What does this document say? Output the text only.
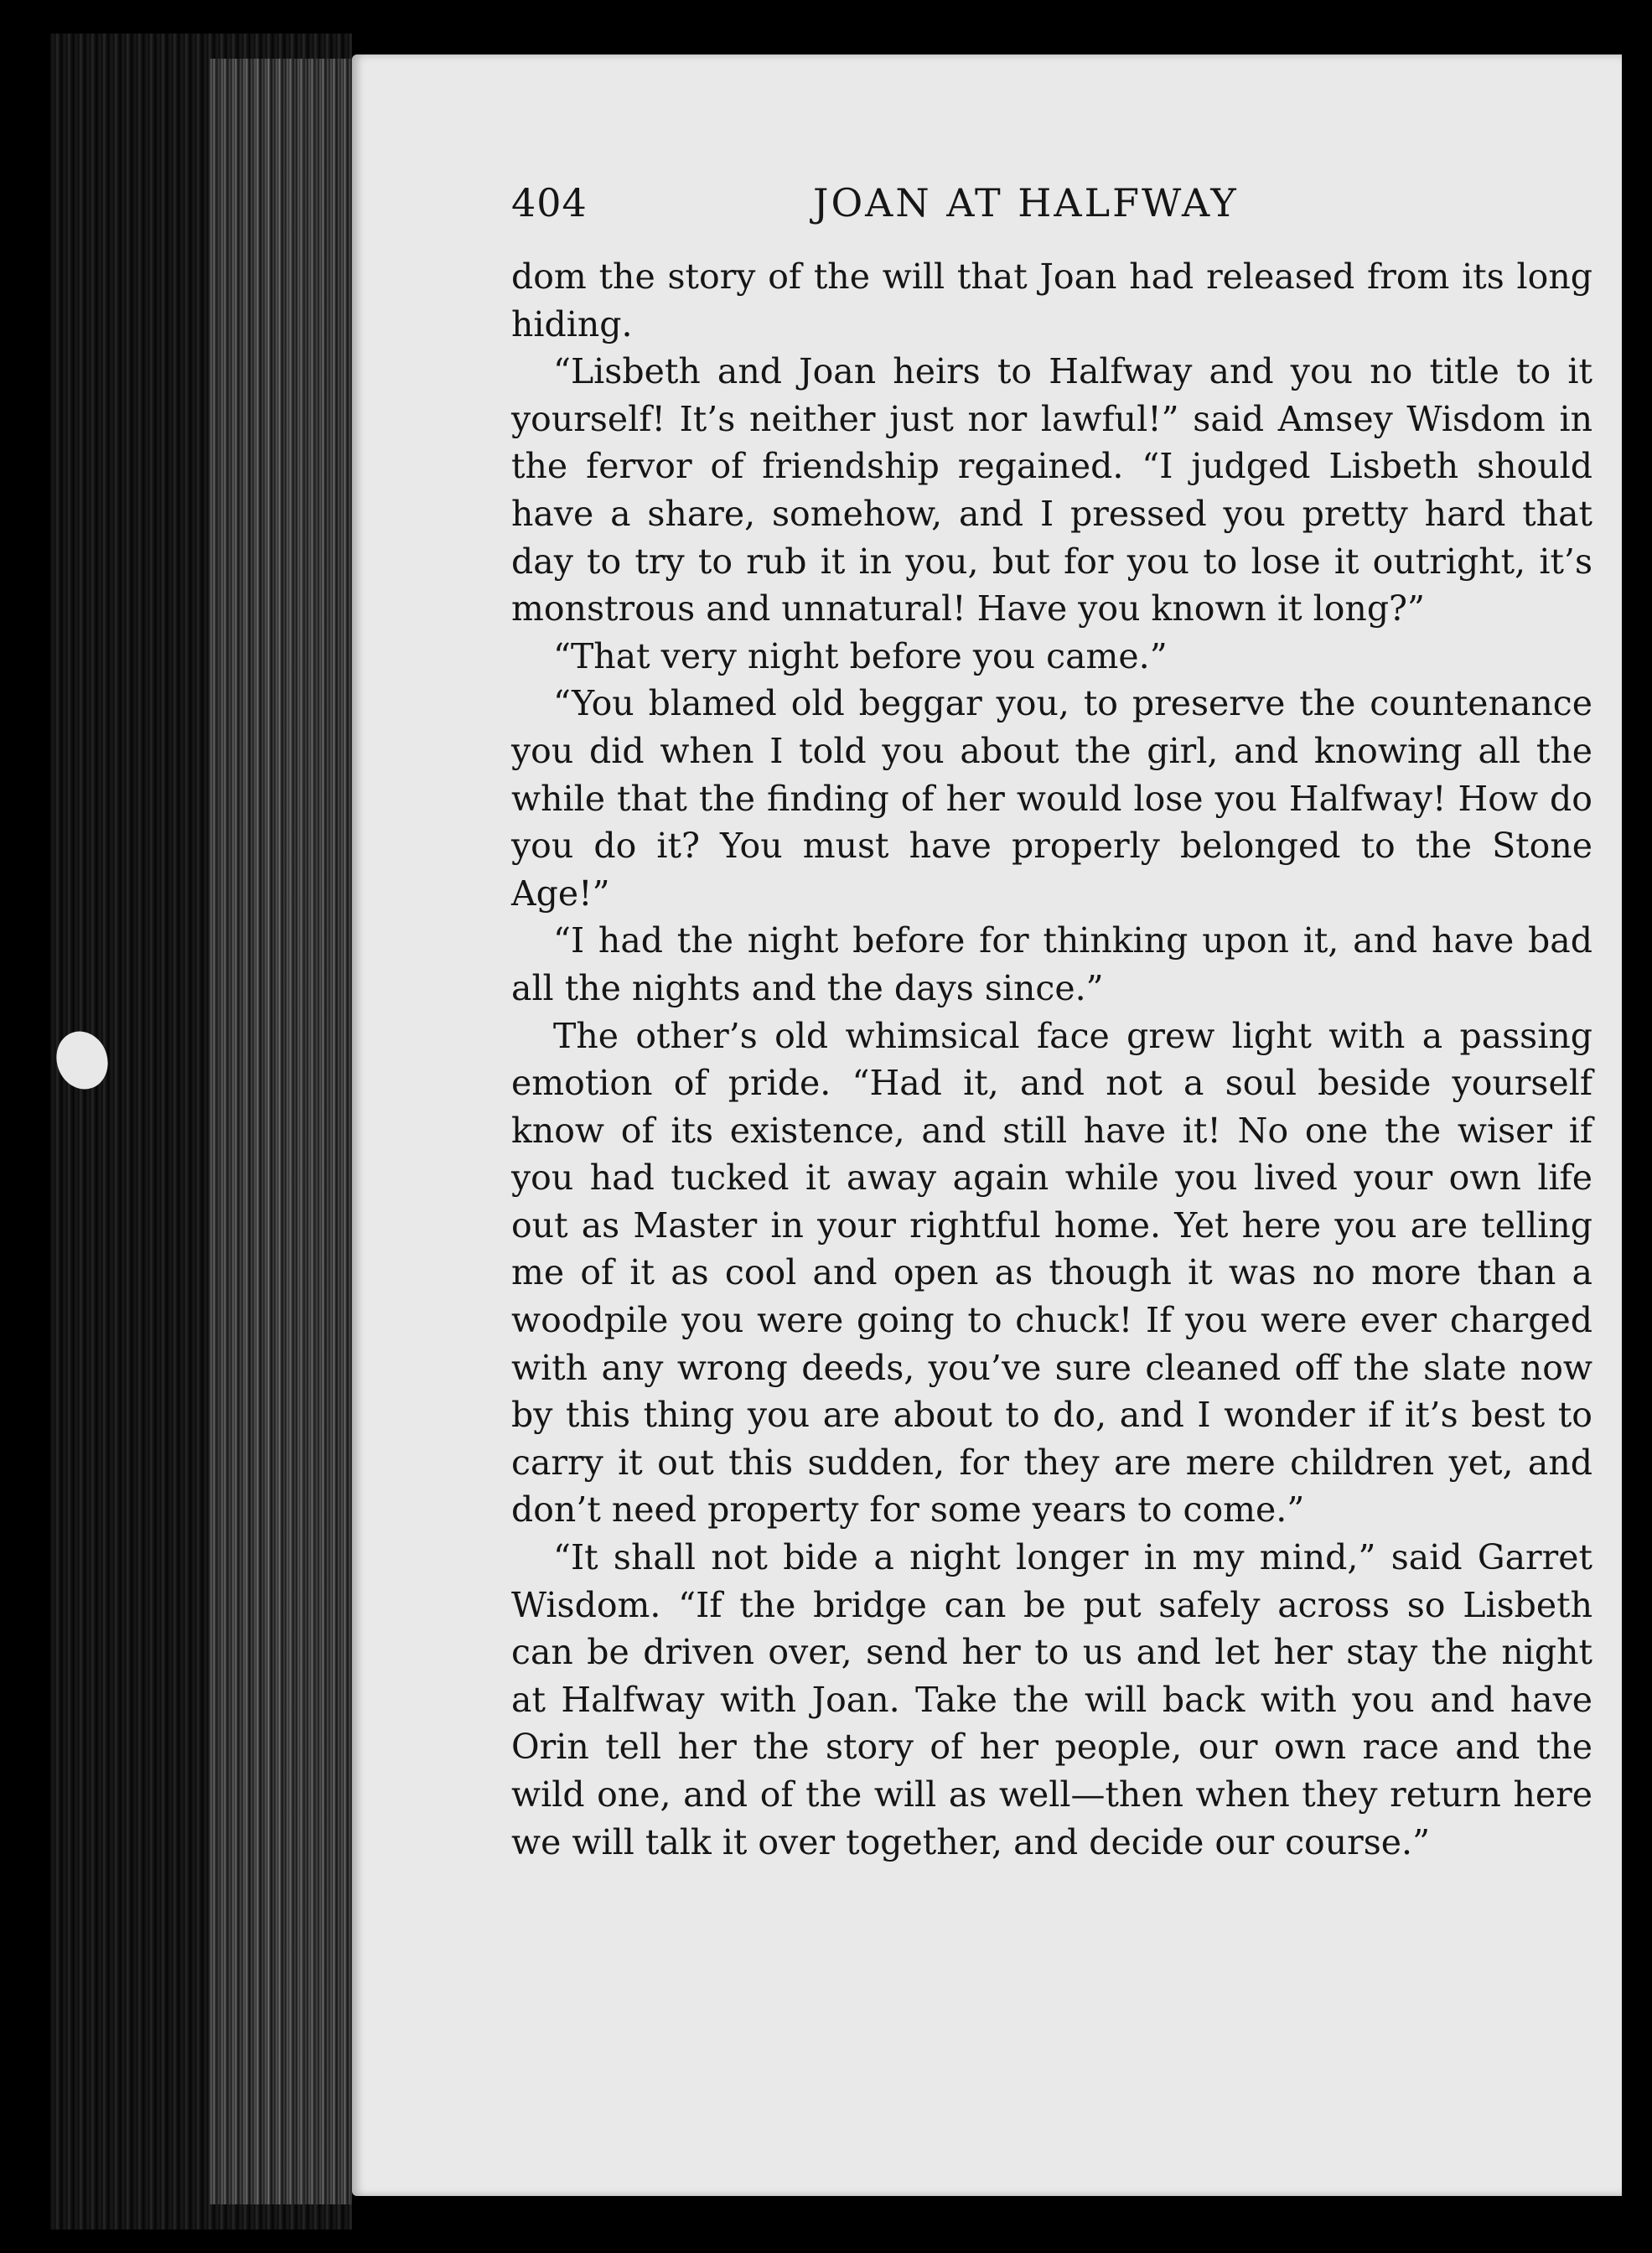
404	JOAN AT HALFWAY

dom the story of the will that Joan had released from its long hiding.

“Lisbeth and Joan heirs to Halfway and you no title to it yourself! It’s neither just nor lawful!” said Amsey Wisdom in the fervor of friendship regained. “I judged Lisbeth should have a share, somehow, and I pressed you pretty hard that day to try to rub it in you, but for you to lose it outright, it’s monstrous and unnatural! Have you known it long?”

“That very night before you came.”

“You blamed old beggar you, to preserve the countenance you did when I told you about the girl, and knowing all the while that the finding of her would lose you Halfway! How do you do it? You must have properly belonged to the Stone Age!”

“I had the night before for thinking upon it, and have bad all the nights and the days since.”

The other’s old whimsical face grew light with a passing emotion of pride. “Had it, and not a soul beside yourself know of its existence, and still have it! No one the wiser if you had tucked it away again while you lived your own life out as Master in your rightful home. Yet here you are telling me of it as cool and open as though it was no more than a woodpile you were going to chuck! If you were ever charged with any wrong deeds, you’ve sure cleaned off the slate now by this thing you are about to do, and I wonder if it’s best to carry it out this sudden, for they are mere children yet, and don’t need property for some years to come.”

“It shall not bide a night longer in my mind,” said Garret Wisdom. “If the bridge can be put safely across so Lisbeth can be driven over, send her to us and let her stay the night at Halfway with Joan. Take the will back with you and have Orin tell her the story of her people, our own race and the wild one, and of the will as well—then when they return here we will talk it over together, and decide our course.”
